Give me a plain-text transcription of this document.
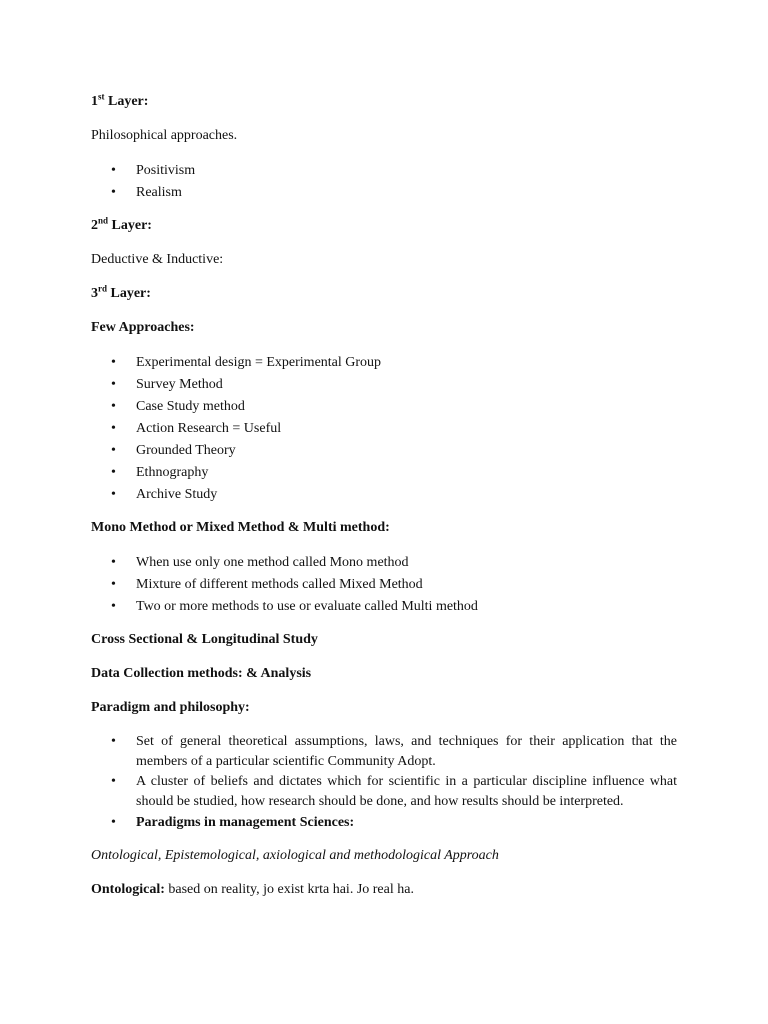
1st Layer:

Philosophical approaches.

• Positivism
• Realism

2nd Layer:

Deductive & Inductive:

3rd Layer:

Few Approaches:

• Experimental design = Experimental Group
• Survey Method
• Case Study method
• Action Research = Useful
• Grounded Theory
• Ethnography
• Archive Study

Mono Method or Mixed Method & Multi method:

• When use only one method called Mono method
• Mixture of different methods called Mixed Method
• Two or more methods to use or evaluate called Multi method

Cross Sectional & Longitudinal Study

Data Collection methods: & Analysis

Paradigm and philosophy:

• Set of general theoretical assumptions, laws, and techniques for their application that the members of a particular scientific Community Adopt.
• A cluster of beliefs and dictates which for scientific in a particular discipline influence what should be studied, how research should be done, and how results should be interpreted.
• Paradigms in management Sciences:

Ontological, Epistemological, axiological and methodological Approach

Ontological: based on reality, jo exist krta hai. Jo real ha.
